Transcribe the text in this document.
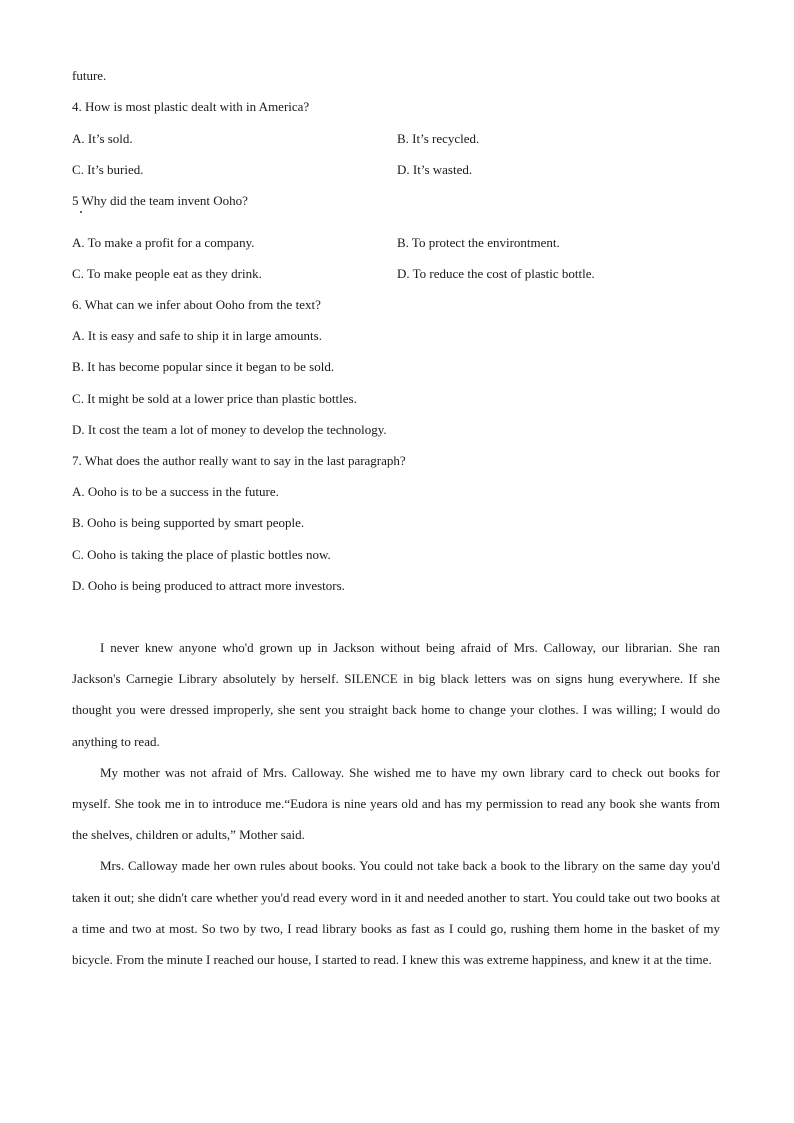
future.
4. How is most plastic dealt with in America?
A. It’s sold.	B. It’s recycled.
C. It’s buried.	D. It’s wasted.
5 Why did the team invent Ooho?
A. To make a profit for a company.	B. To protect the environtment.
C. To make people eat as they drink.	D. To reduce the cost of plastic bottle.
6. What can we infer about Ooho from the text?
A. It is easy and safe to ship it in large amounts.
B. It has become popular since it began to be sold.
C. It might be sold at a lower price than plastic bottles.
D. It cost the team a lot of money to develop the technology.
7. What does the author really want to say in the last paragraph?
A. Ooho is to be a success in the future.
B. Ooho is being supported by smart people.
C. Ooho is taking the place of plastic bottles now.
D. Ooho is being produced to attract more investors.

I never knew anyone who'd grown up in Jackson without being afraid of Mrs. Calloway, our librarian. She ran Jackson's Carnegie Library absolutely by herself. SILENCE in big black letters was on signs hung everywhere. If she thought you were dressed improperly, she sent you straight back home to change your clothes. I was willing; I would do anything to read.

My mother was not afraid of Mrs. Calloway. She wished me to have my own library card to check out books for myself. She took me in to introduce me.“Eudora is nine years old and has my permission to read any book she wants from the shelves, children or adults,” Mother said.

Mrs. Calloway made her own rules about books. You could not take back a book to the library on the same day you'd taken it out; she didn't care whether you'd read every word in it and needed another to start. You could take out two books at a time and two at most. So two by two, I read library books as fast as I could go, rushing them home in the basket of my bicycle. From the minute I reached our house, I started to read. I knew this was extreme happiness, and knew it at the time.
